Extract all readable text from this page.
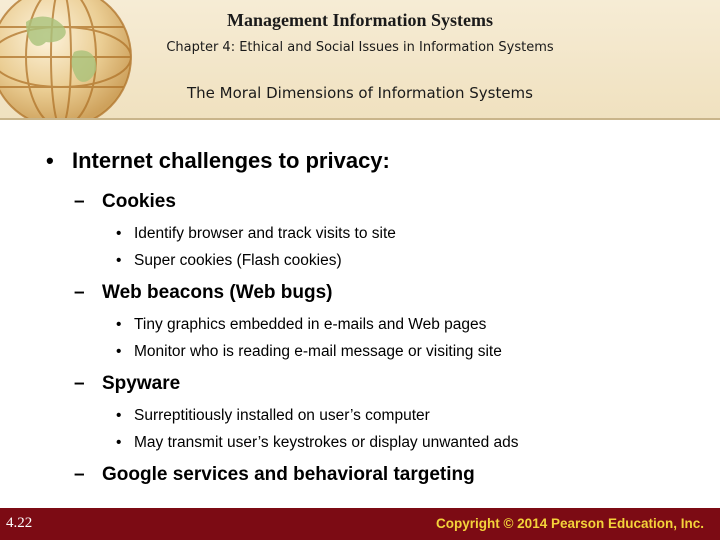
Management Information Systems
Chapter 4: Ethical and Social Issues in Information Systems
The Moral Dimensions of Information Systems
• Internet challenges to privacy:
– Cookies
• Identify browser and track visits to site
• Super cookies (Flash cookies)
– Web beacons (Web bugs)
• Tiny graphics embedded in e-mails and Web pages
• Monitor who is reading e-mail message or visiting site
– Spyware
• Surreptitiously installed on user’s computer
• May transmit user’s keystrokes or display unwanted ads
– Google services and behavioral targeting
4.22	Copyright © 2014 Pearson Education, Inc.
